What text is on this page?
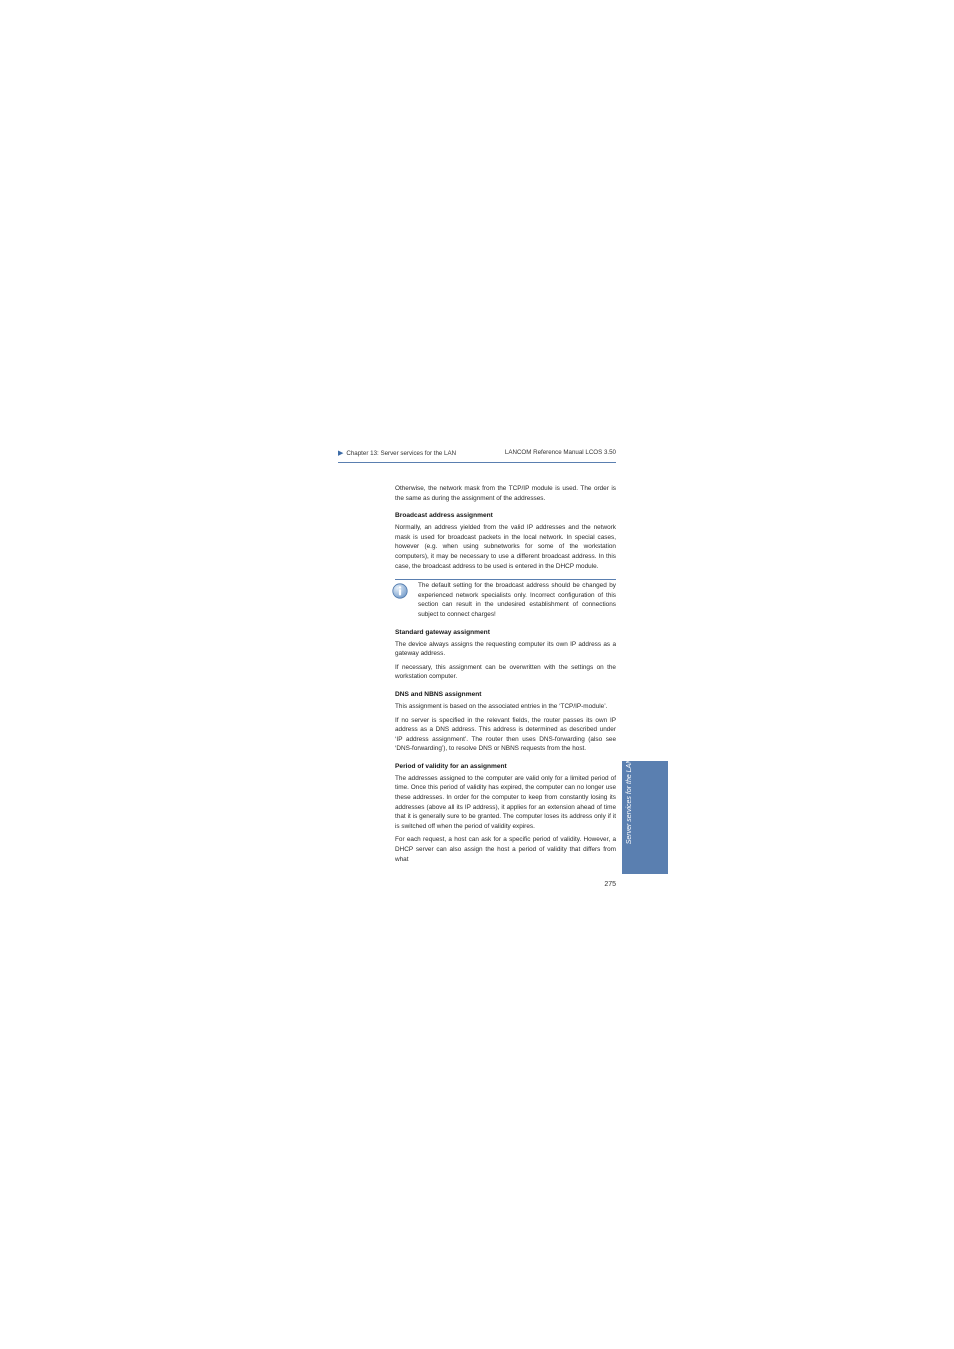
▶ Chapter 13: Server services for the LAN	LANCOM Reference Manual LCOS 3.50

Otherwise, the network mask from the TCP/IP module is used. The order is the same as during the assignment of the addresses.

Broadcast address assignment

Normally, an address yielded from the valid IP addresses and the network mask is used for broadcast packets in the local network. In special cases, however (e.g. when using subnetworks for some of the workstation computers), it may be necessary to use a different broadcast address. In this case, the broadcast address to be used is entered in the DHCP module.

The default setting for the broadcast address should be changed by experienced network specialists only. Incorrect configuration of this section can result in the undesired establishment of connections subject to connect charges!

Standard gateway assignment

The device always assigns the requesting computer its own IP address as a gateway address.

If necessary, this assignment can be overwritten with the settings on the workstation computer.

DNS and NBNS assignment

This assignment is based on the associated entries in the ‘TCP/IP-module’.

If no server is specified in the relevant fields, the router passes its own IP address as a DNS address. This address is determined as described under ‘IP address assignment’. The router then uses DNS-forwarding (also see ‘DNS-forwarding’), to resolve DNS or NBNS requests from the host.

Period of validity for an assignment

The addresses assigned to the computer are valid only for a limited period of time. Once this period of validity has expired, the computer can no longer use these addresses. In order for the computer to keep from constantly losing its addresses (above all its IP address), it applies for an extension ahead of time that it is generally sure to be granted. The computer loses its address only if it is switched off when the period of validity expires.

For each request, a host can ask for a specific period of validity. However, a DHCP server can also assign the host a period of validity that differs from what

Server services for the LAN
275
